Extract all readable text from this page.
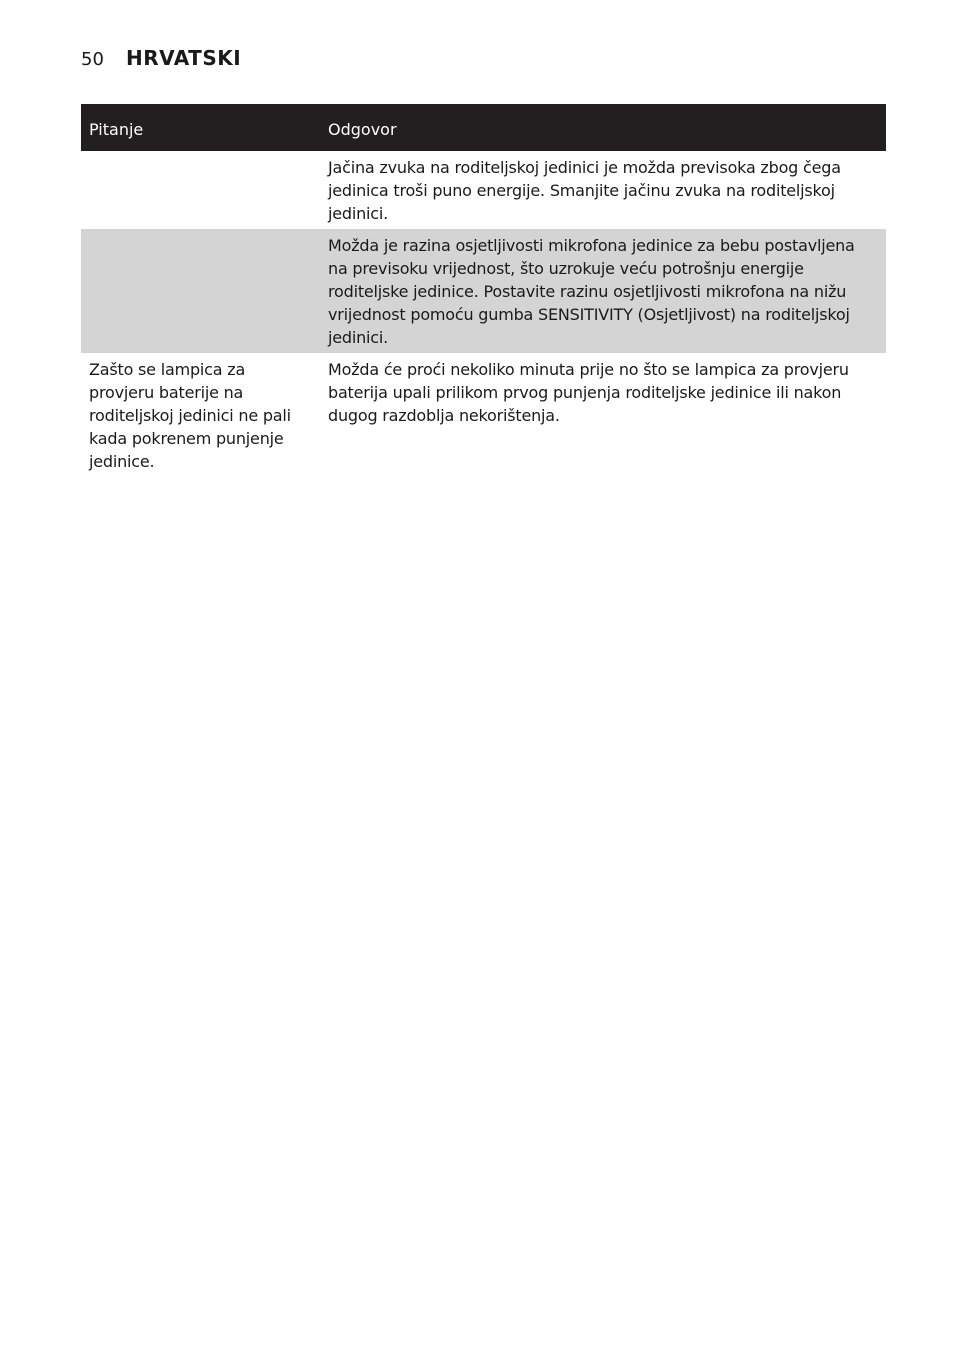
50	HRVATSKI
Pitanje	Odgovor
	Jačina zvuka na roditeljskoj jedinici je možda previsoka zbog čega jedinica troši puno energije. Smanjite jačinu zvuka na roditeljskoj jedinici.
	Možda je razina osjetljivosti mikrofona jedinice za bebu postavljena na previsoku vrijednost, što uzrokuje veću potrošnju energije roditeljske jedinice. Postavite razinu osjetljivosti mikrofona na nižu vrijednost pomoću gumba SENSITIVITY (Osjetljivost) na roditeljskoj jedinici.
Zašto se lampica za provjeru baterije na roditeljskoj jedinici ne pali kada pokrenem punjenje jedinice.	Možda će proći nekoliko minuta prije no što se lampica za provjeru baterija upali prilikom prvog punjenja roditeljske jedinice ili nakon dugog razdoblja nekorištenja.
